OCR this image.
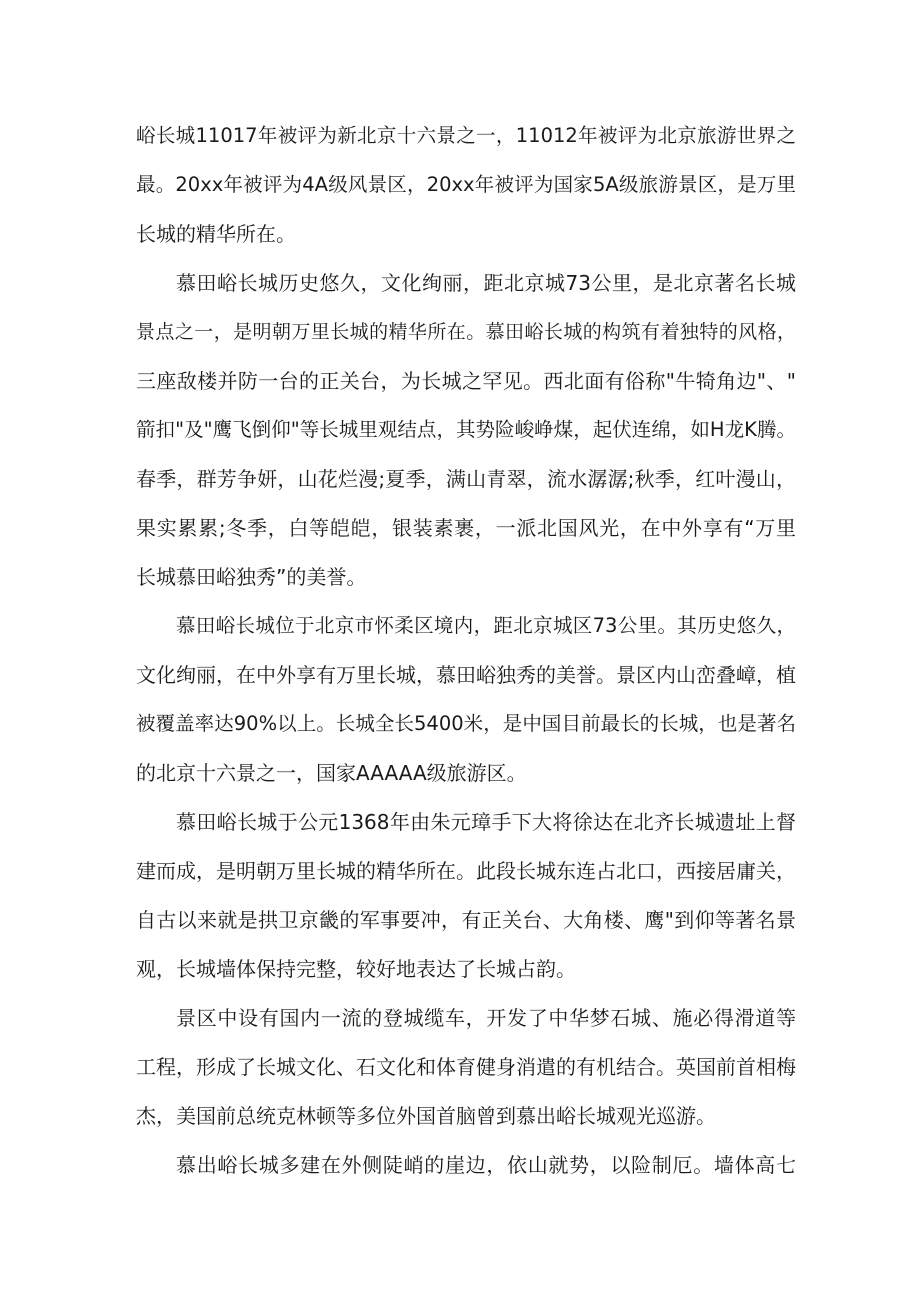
峪长城11017年被评为新北京十六景之一，11012年被评为北京旅游世界之
最。20xx年被评为4A级风景区，20xx年被评为国家5A级旅游景区，是万里
长城的精华所在。
慕田峪长城历史悠久，文化绚丽，距北京城73公里，是北京著名长城
景点之一，是明朝万里长城的精华所在。慕田峪长城的构筑有着独特的风格，
三座敌楼并防一台的正关台，为长城之罕见。西北面有俗称"牛犄角边"、"
箭扣"及"鹰飞倒仰"等长城里观结点，其势险峻峥煤，起伏连绵，如H龙K腾。
春季，群芳争妍，山花烂漫;夏季，满山青翠，流水潺潺;秋季，红叶漫山，
果实累累;冬季，白等皑皑，银装素裹，一派北国风光，在中外享有“万里
长城慕田峪独秀”的美誉。
慕田峪长城位于北京市怀柔区境内，距北京城区73公里。其历史悠久，
文化绚丽，在中外享有万里长城，慕田峪独秀的美誉。景区内山峦叠嶂，植
被覆盖率达90%以上。长城全长5400米，是中国目前最长的长城，也是著名
的北京十六景之一，国家AAAAA级旅游区。
慕田峪长城于公元1368年由朱元璋手下大将徐达在北齐长城遗址上督
建而成，是明朝万里长城的精华所在。此段长城东连占北口，西接居庸关，
自古以来就是拱卫京畿的军事要冲，有正关台、大角楼、鹰"到仰等著名景
观，长城墙体保持完整，较好地表达了长城占韵。
景区中设有国内一流的登城缆车，开发了中华梦石城、施必得滑道等
工程，形成了长城文化、石文化和体育健身消遣的有机结合。英国前首相梅
杰，美国前总统克林顿等多位外国首脑曾到慕出峪长城观光巡游。
慕出峪长城多建在外侧陡峭的崖边，依山就势，以险制厄。墙体高七
